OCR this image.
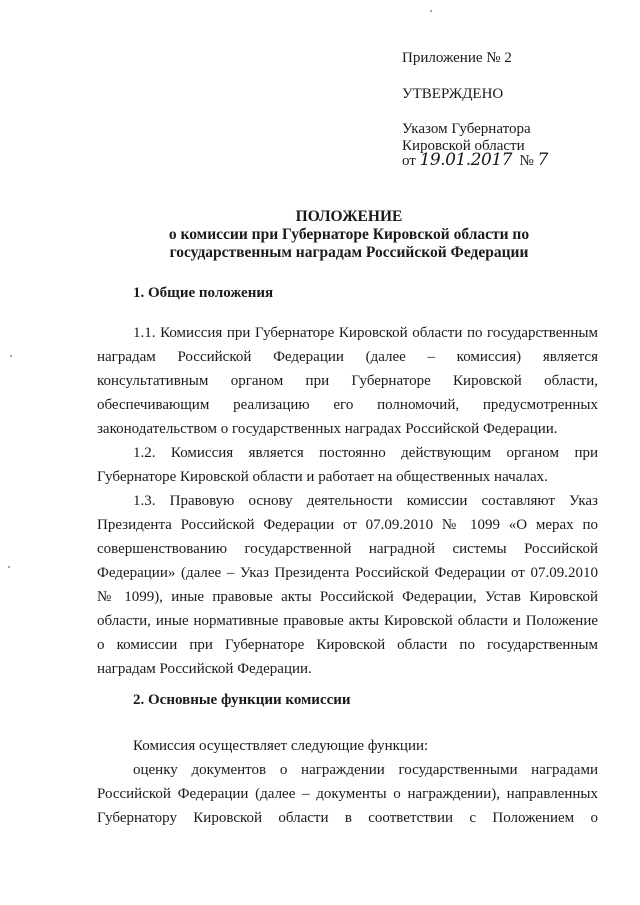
Приложение № 2
УТВЕРЖДЕНО
Указом Губернатора
Кировской области
от 19.01.2017 № 7
ПОЛОЖЕНИЕ
о комиссии при Губернаторе Кировской области по
государственным наградам Российской Федерации
1. Общие положения
1.1. Комиссия при Губернаторе Кировской области по государственным наградам Российской Федерации (далее – комиссия) является консультативным органом при Губернаторе Кировской области, обеспечивающим реализацию его полномочий, предусмотренных законодательством о государственных наградах Российской Федерации.
1.2. Комиссия является постоянно действующим органом при Губернаторе Кировской области и работает на общественных началах.
1.3. Правовую основу деятельности комиссии составляют Указ Президента Российской Федерации от 07.09.2010 № 1099 «О мерах по совершенствованию государственной наградной системы Российской Федерации» (далее – Указ Президента Российской Федерации от 07.09.2010 № 1099), иные правовые акты Российской Федерации, Устав Кировской области, иные нормативные правовые акты Кировской области и Положение о комиссии при Губернаторе Кировской области по государственным наградам Российской Федерации.
2. Основные функции комиссии
Комиссия осуществляет следующие функции:
оценку документов о награждении государственными наградами Российской Федерации (далее – документы о награждении), направленных Губернатору Кировской области в соответствии с Положением о
